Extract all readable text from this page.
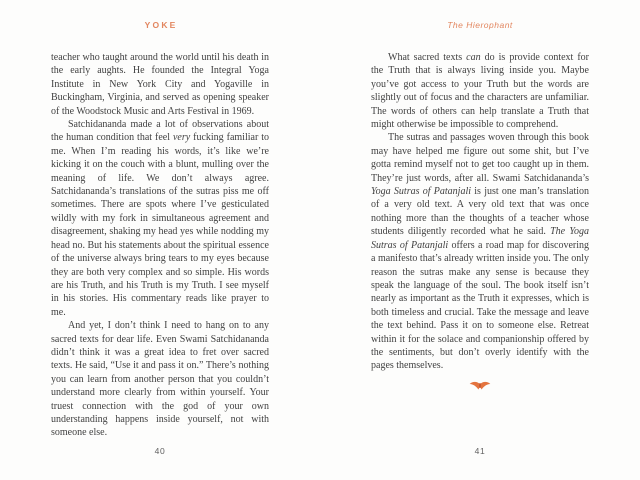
YOKE

teacher who taught around the world until his death in the early aughts. He founded the Integral Yoga Institute in New York City and Yogaville in Buckingham, Virginia, and served as opening speaker of the Woodstock Music and Arts Festival in 1969.

Satchidananda made a lot of observations about the human condition that feel very fucking familiar to me. When I’m reading his words, it’s like we’re kicking it on the couch with a blunt, mulling over the meaning of life. We don’t always agree. Satchidananda’s translations of the sutras piss me off sometimes. There are spots where I’ve gesticulated wildly with my fork in simultaneous agreement and disagreement, shaking my head yes while nodding my head no. But his statements about the spiritual essence of the universe always bring tears to my eyes because they are both very complex and so simple. His words are his Truth, and his Truth is my Truth. I see myself in his stories. His commentary reads like prayer to me.

And yet, I don’t think I need to hang on to any sacred texts for dear life. Even Swami Satchidananda didn’t think it was a great idea to fret over sacred texts. He said, “Use it and pass it on.” There’s nothing you can learn from another person that you couldn’t understand more clearly from within yourself. Your truest connection with the god of your own understanding happens inside yourself, not with someone else.

40
The Hierophant

What sacred texts can do is provide context for the Truth that is always living inside you. Maybe you’ve got access to your Truth but the words are slightly out of focus and the characters are unfamiliar. The words of others can help translate a Truth that might otherwise be impossible to comprehend.

The sutras and passages woven through this book may have helped me figure out some shit, but I’ve gotta remind myself not to get too caught up in them. They’re just words, after all. Swami Satchidananda’s Yoga Sutras of Patanjali is just one man’s translation of a very old text. A very old text that was once nothing more than the thoughts of a teacher whose students diligently recorded what he said. The Yoga Sutras of Patanjali offers a road map for discovering a manifesto that’s already written inside you. The only reason the sutras make any sense is because they speak the language of the soul. The book itself isn’t nearly as important as the Truth it expresses, which is both timeless and crucial. Take the message and leave the text behind. Pass it on to someone else. Retreat within it for the solace and companionship offered by the sentiments, but don’t overly identify with the pages themselves.

41
